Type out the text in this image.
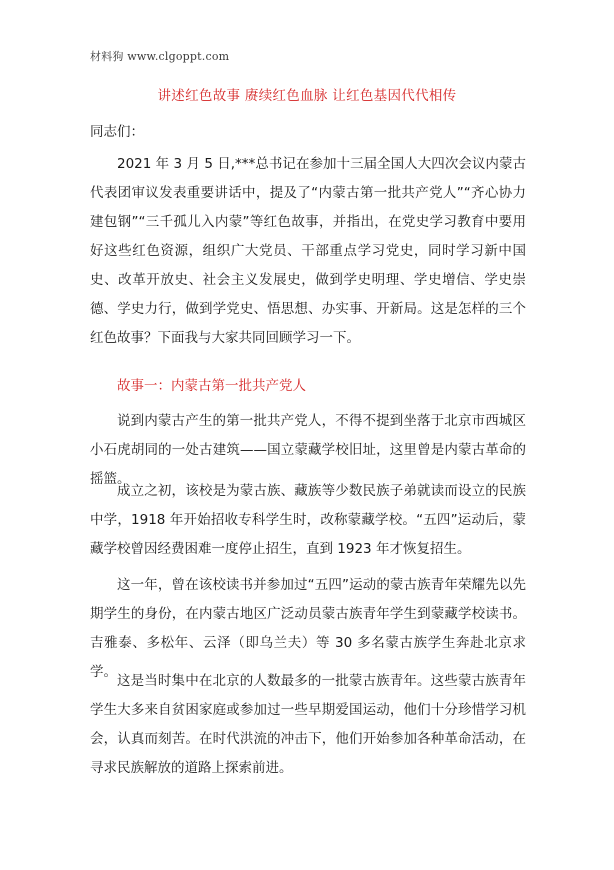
材料狗 www.clgoppt.com
讲述红色故事 赓续红色血脉 让红色基因代代相传
同志们：

2021 年 3 月 5 日,***总书记在参加十三届全国人大四次会议内蒙古代表团审议发表重要讲话中，提及了“内蒙古第一批共产党人”“齐心协力建包钢”“三千孤儿入内蒙”等红色故事，并指出，在党史学习教育中要用好这些红色资源，组织广大党员、干部重点学习党史，同时学习新中国史、改革开放史、社会主义发展史，做到学史明理、学史增信、学史崇德、学史力行，做到学党史、悟思想、办实事、开新局。这是怎样的三个红色故事？下面我与大家共同回顾学习一下。

故事一：内蒙古第一批共产党人

说到内蒙古产生的第一批共产党人，不得不提到坐落于北京市西城区小石虎胡同的一处古建筑——国立蒙藏学校旧址，这里曾是内蒙古革命的摇篮。

成立之初，该校是为蒙古族、藏族等少数民族子弟就读而设立的民族中学，1918 年开始招收专科学生时，改称蒙藏学校。“五四”运动后，蒙藏学校曾因经费困难一度停止招生，直到 1923 年才恢复招生。

这一年，曾在该校读书并参加过“五四”运动的蒙古族青年荣耀先以先期学生的身份，在内蒙古地区广泛动员蒙古族青年学生到蒙藏学校读书。吉雅泰、多松年、云泽（即乌兰夫）等 30 多名蒙古族学生奔赴北京求学。

这是当时集中在北京的人数最多的一批蒙古族青年。这些蒙古族青年学生大多来自贫困家庭或参加过一些早期爱国运动，他们十分珍惜学习机会，认真而刻苦。在时代洪流的冲击下，他们开始参加各种革命活动，在寻求民族解放的道路上探索前进。
